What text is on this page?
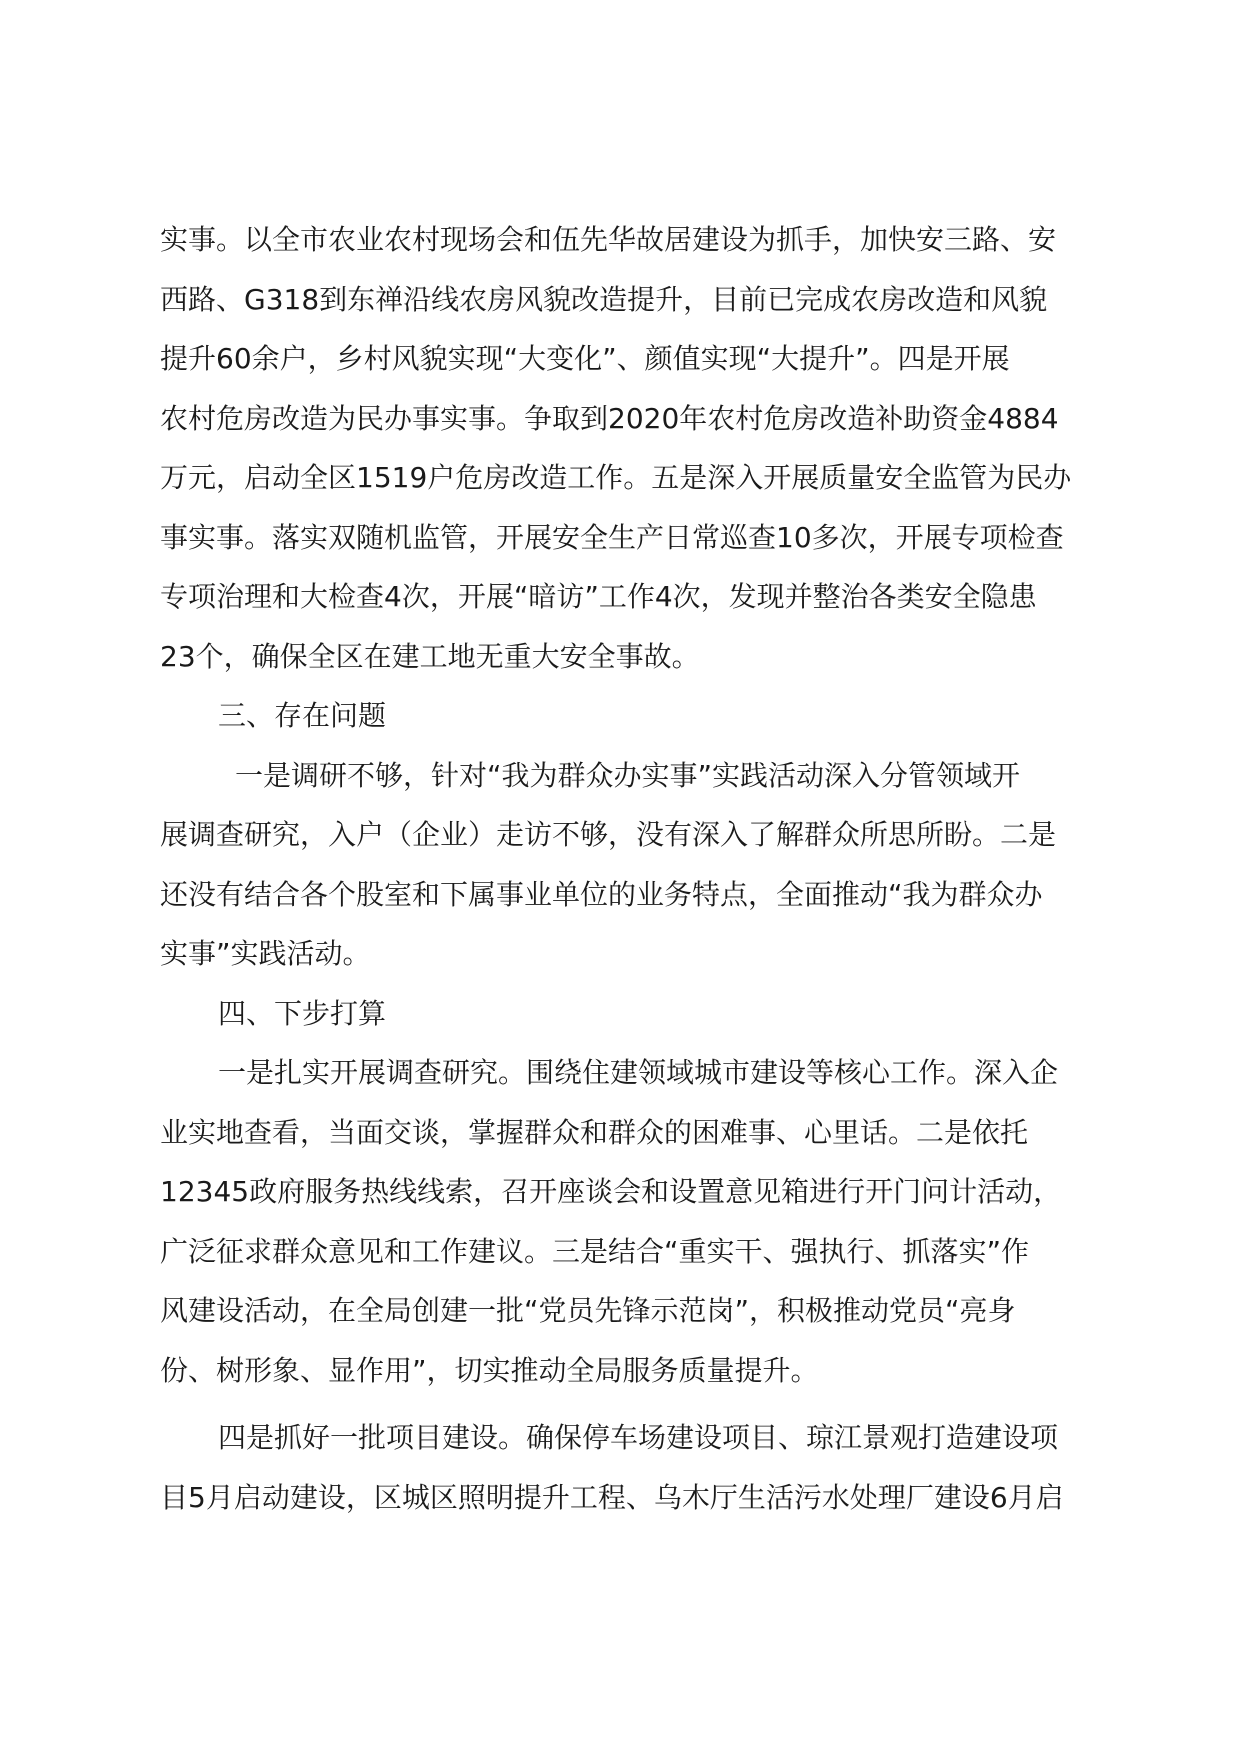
实事。以全市农业农村现场会和伍先华故居建设为抓手，加快安三路、安
西路、G318到东禅沿线农房风貌改造提升，目前已完成农房改造和风貌
提升60余户，乡村风貌实现“大变化”、颜值实现“大提升”。四是开展
农村危房改造为民办事实事。争取到2020年农村危房改造补助资金4884
万元，启动全区1519户危房改造工作。五是深入开展质量安全监管为民办
事实事。落实双随机监管，开展安全生产日常巡查10多次，开展专项检查
专项治理和大检查4次，开展“暗访”工作4次，发现并整治各类安全隐患
23个，确保全区在建工地无重大安全事故。
三、存在问题
一是调研不够，针对“我为群众办实事”实践活动深入分管领域开
展调查研究，入户（企业）走访不够，没有深入了解群众所思所盼。二是
还没有结合各个股室和下属事业单位的业务特点，全面推动“我为群众办
实事”实践活动。
四、下步打算
一是扎实开展调查研究。围绕住建领域城市建设等核心工作。深入企
业实地查看，当面交谈，掌握群众和群众的困难事、心里话。二是依托
12345政府服务热线线索，召开座谈会和设置意见箱进行开门问计活动，
广泛征求群众意见和工作建议。三是结合“重实干、强执行、抓落实”作
风建设活动，在全局创建一批“党员先锋示范岗”，积极推动党员“亮身
份、树形象、显作用”，切实推动全局服务质量提升。
四是抓好一批项目建设。确保停车场建设项目、琼江景观打造建设项
目5月启动建设，区城区照明提升工程、乌木厅生活污水处理厂建设6月启
